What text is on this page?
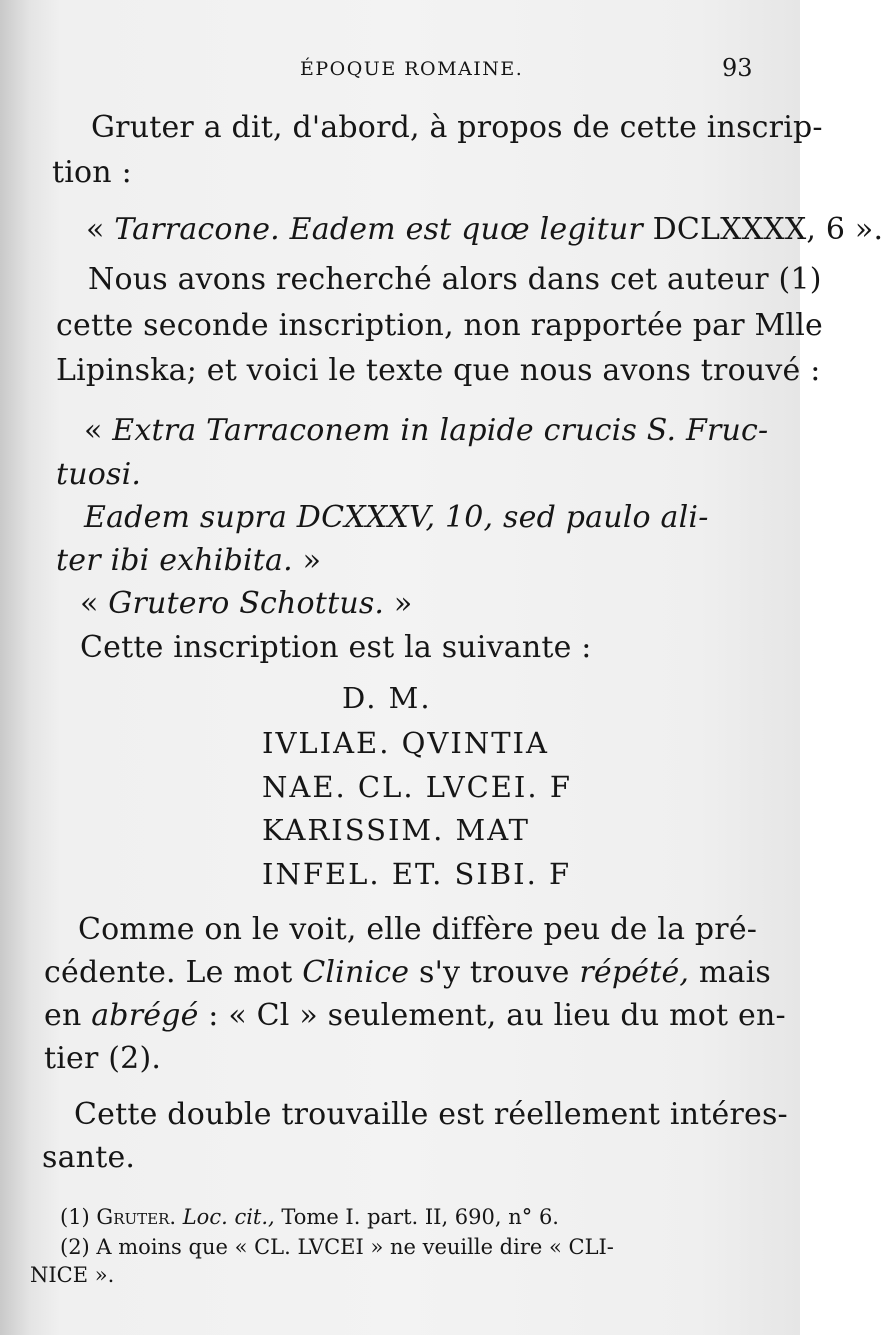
ÉPOQUE ROMAINE.	93

Gruter a dit, d'abord, à propos de cette inscrip-

tion :

« Tarracone. Eadem est quœ legitur DCLXXXX, 6 ».

Nous avons recherché alors dans cet auteur (1)

cette seconde inscription, non rapportée par Mlle

Lipinska; et voici le texte que nous avons trouvé :

« Extra Tarraconem in lapide crucis S. Fruc-

tuosi.

Eadem supra DCXXXV, 10, sed paulo ali-

ter ibi exhibita. »

« Grutero Schottus. »

Cette inscription est la suivante :

D. M.
IVLIAE. QVINTIA
NAE. CL. LVCEI. F
KARISSIM. MAT
INFEL. ET. SIBI. F

Comme on le voit, elle diffère peu de la pré-

cédente. Le mot Clinice s'y trouve répété, mais

en abrégé : « Cl » seulement, au lieu du mot en-

tier (2).

Cette double trouvaille est réellement intéres-

sante.

(1) Gruter. Loc. cit., Tome I. part. II, 690, n° 6.
(2) A moins que « CL. LVCEI » ne veuille dire « CLI-
NICE ».
